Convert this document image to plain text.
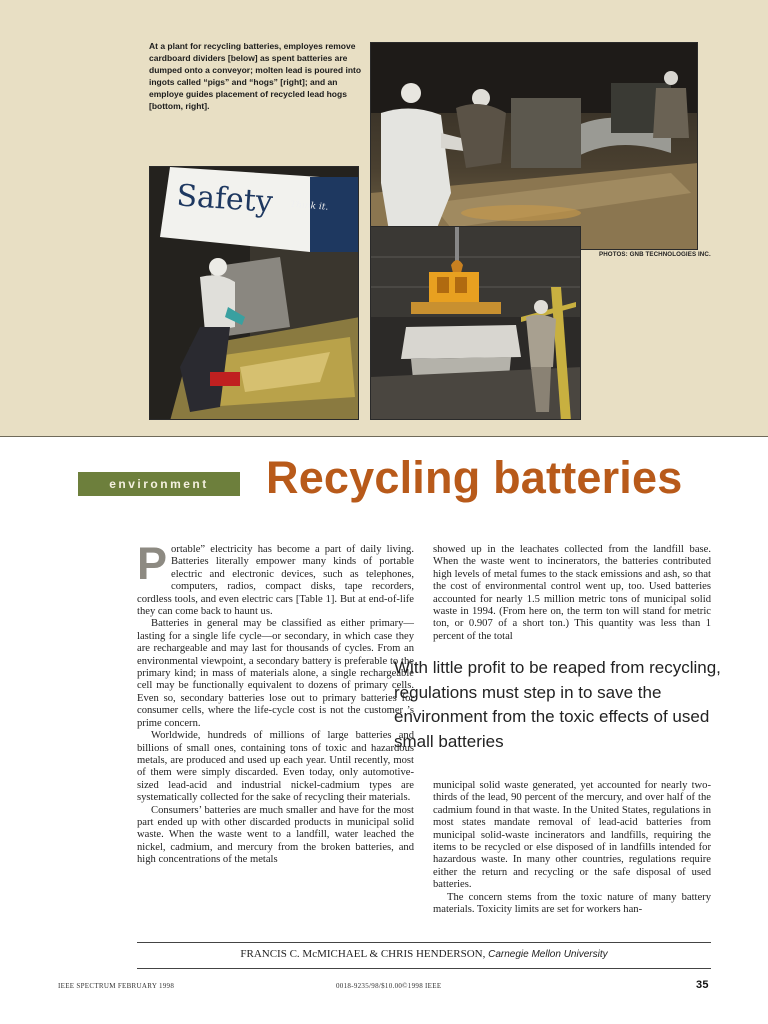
At a plant for recycling batteries, employes remove cardboard dividers [below] as spent batteries are dumped onto a conveyor; molten lead is poured into ingots called “pigs” and “hogs” [right]; and an employe guides placement of recycled lead hogs [bottom, right].
PHOTOS: GNB TECHNOLOGIES INC.
Safety Think it.
environment	Recycling batteries

Portable” electricity has become a part of daily living. Batteries literally empower many kinds of portable electric and electronic devices, such as telephones, computers, radios, compact disks, tape recorders, cordless tools, and even electric cars [Table 1]. But at end-of-life they can come back to haunt us.

Batteries in general may be classified as either primary—lasting for a single life cycle—or secondary, in which case they are rechargeable and may last for thousands of cycles. From an environmental viewpoint, a secondary battery is preferable to the primary kind; in mass of materials alone, a single rechargeable cell may be functionally equivalent to dozens of primary cells. Even so, secondary batteries lose out to primary batteries for consumer cells, where the life-cycle cost is not the customer ’s prime concern.

Worldwide, hundreds of millions of large batteries and billions of small ones, containing tons of toxic and hazardous metals, are produced and used up each year. Until recently, most of them were simply discarded. Even today, only automotive-sized lead-acid and industrial nickel-cadmium types are systematically collected for the sake of recycling their materials.

Consumers’ batteries are much smaller and have for the most part ended up with other discarded products in municipal solid waste. When the waste went to a landfill, water leached the nickel, cadmium, and mercury from the broken batteries, and high concentrations of the metals

showed up in the leachates collected from the landfill base. When the waste went to incinerators, the batteries contributed high levels of metal fumes to the stack emissions and ash, so that the cost of environmental control went up, too. Used batteries accounted for nearly 1.5 million metric tons of municipal solid waste in 1994. (From here on, the term ton will stand for metric ton, or 0.907 of a short ton.) This quantity was less than 1 percent of the total

With little profit to be reaped from recycling, regulations must step in to save the environment from the toxic effects of used small batteries

municipal solid waste generated, yet accounted for nearly two-thirds of the lead, 90 percent of the mercury, and over half of the cadmium found in that waste. In the United States, regulations in most states mandate removal of lead-acid batteries from municipal solid-waste incinerators and landfills, requiring the items to be recycled or else disposed of in landfills intended for hazardous waste. In many other countries, regulations require either the return and recycling or the safe disposal of used batteries.

The concern stems from the toxic nature of many battery materials. Toxicity limits are set for workers han-

FRANCIS C. McMICHAEL & CHRIS HENDERSON, Carnegie Mellon University
IEEE SPECTRUM FEBRUARY 1998	0018-9235/98/$10.00©1998 IEEE	35
